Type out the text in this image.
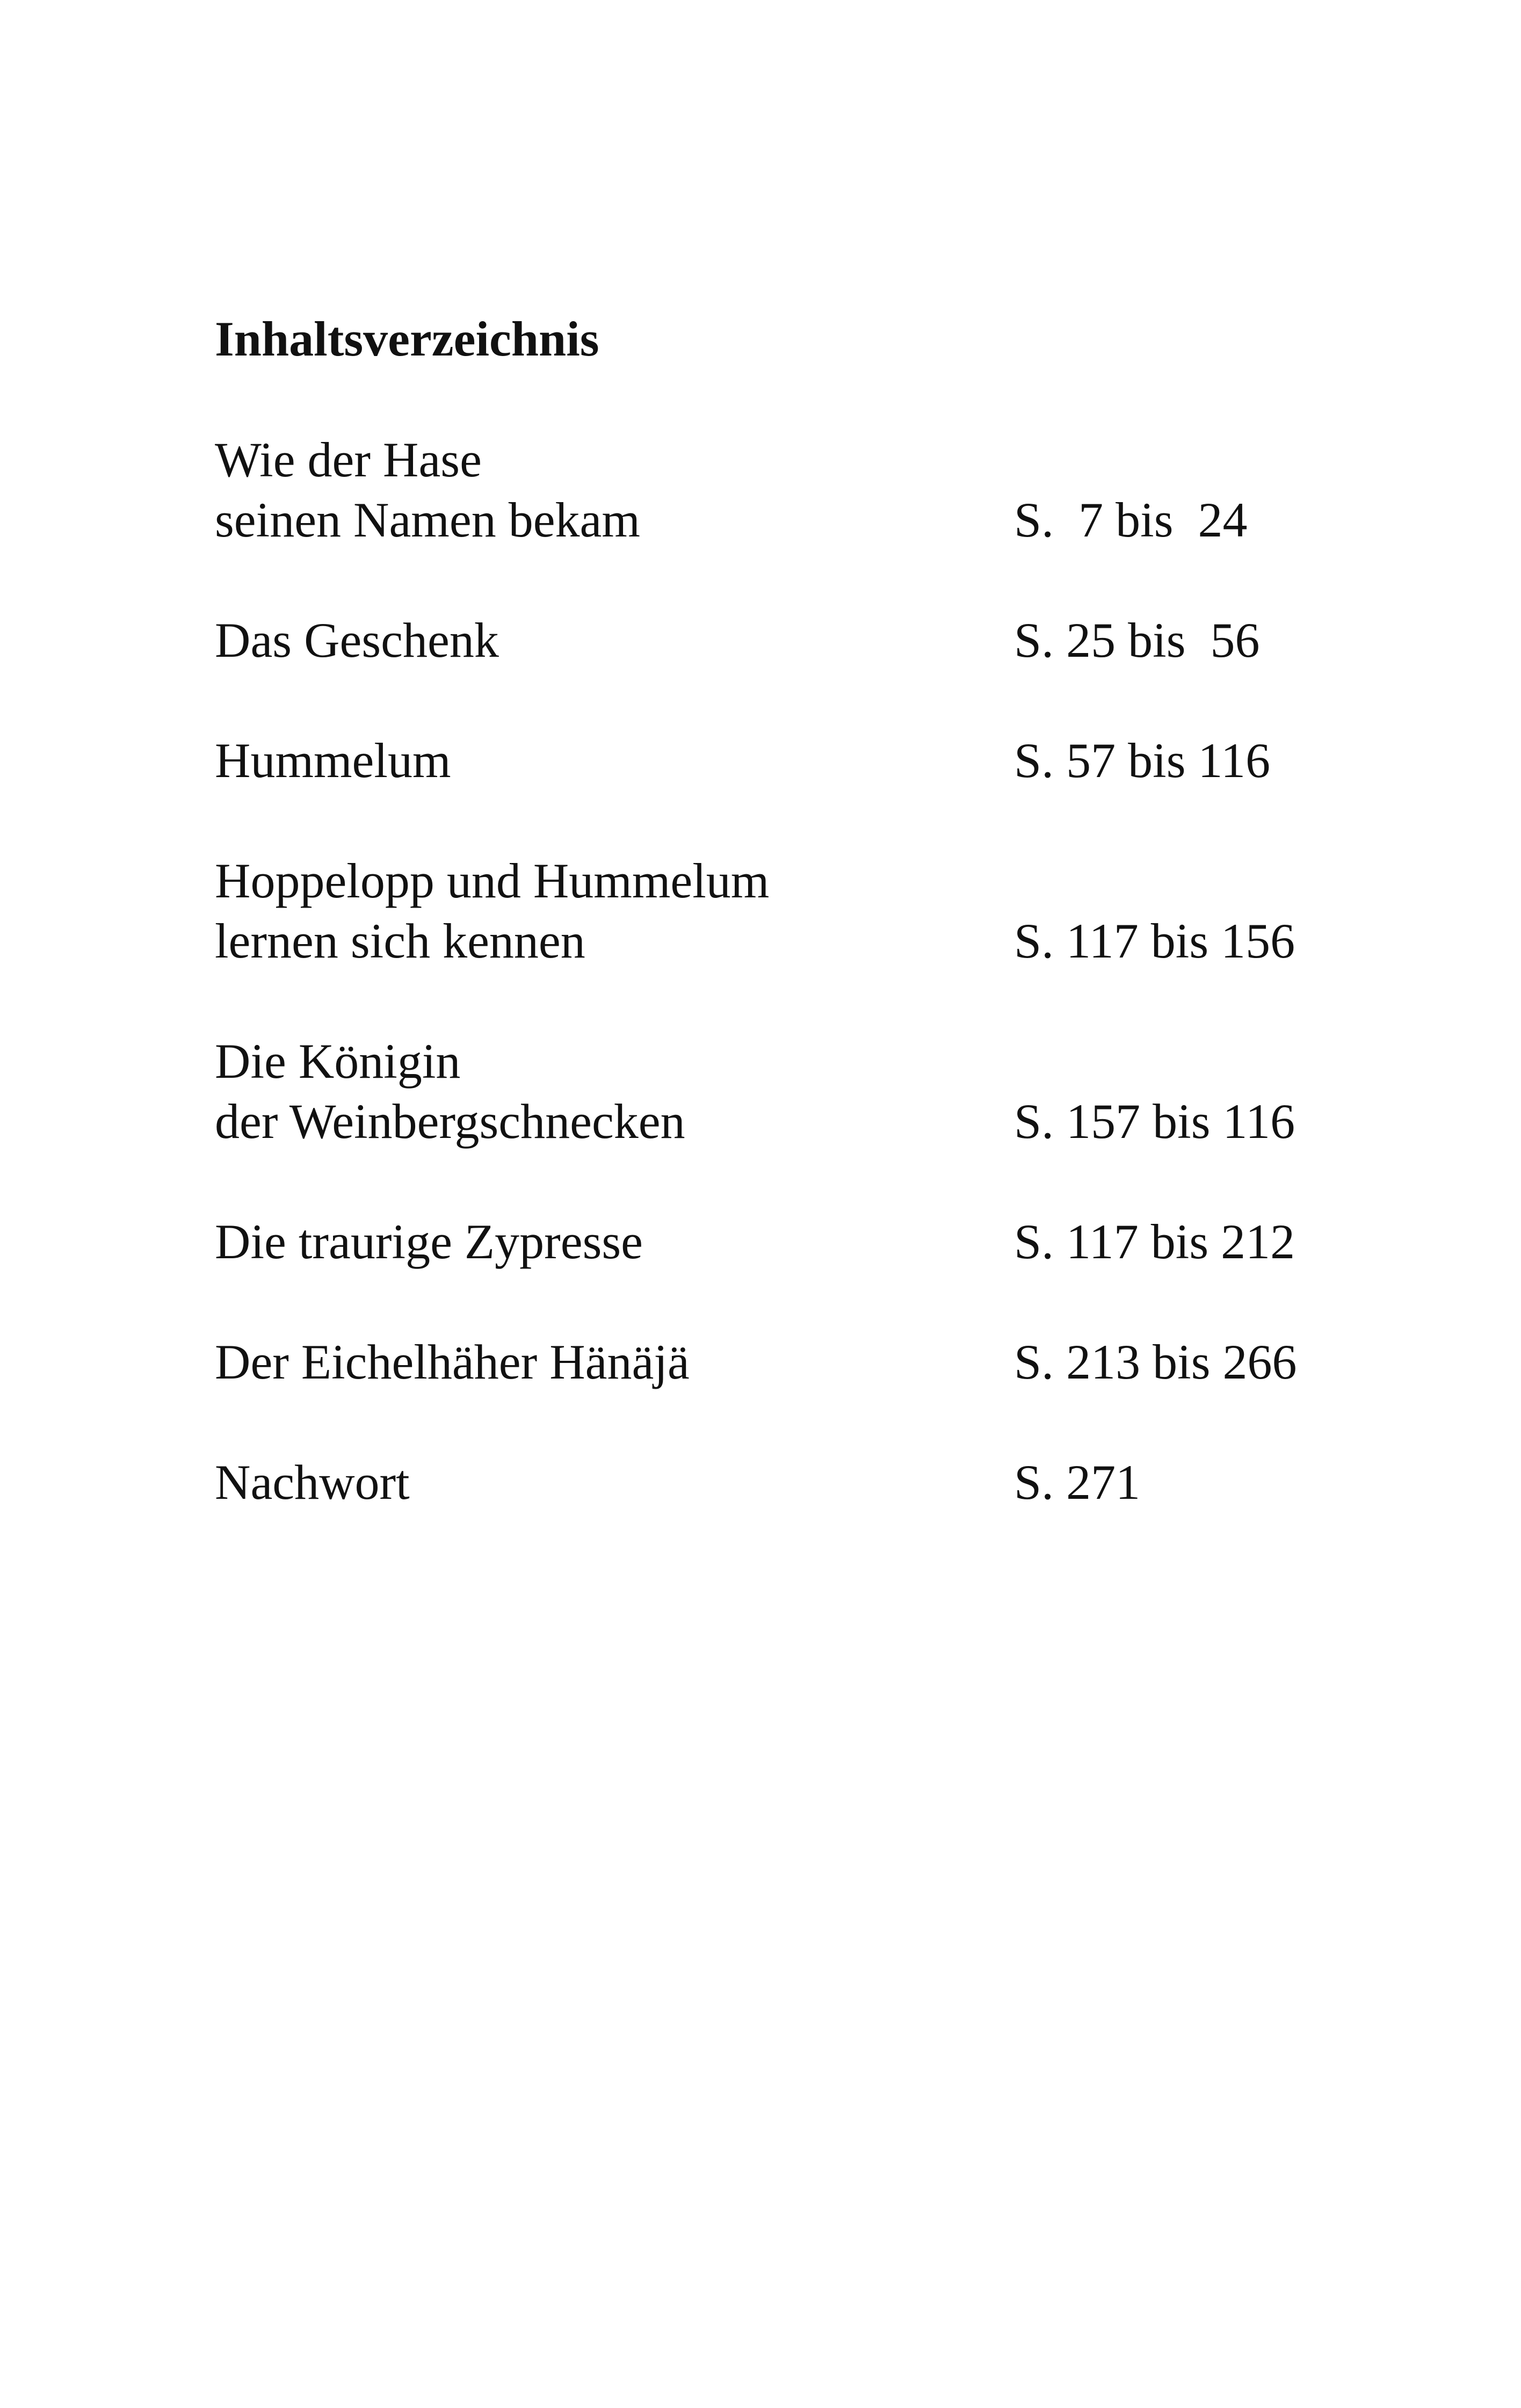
Inhaltsverzeichnis
Wie der Hase
seinen Namen bekam	S.  7 bis  24
Das Geschenk	S. 25 bis  56
Hummelum	S. 57 bis 116
Hoppelopp und Hummelum
lernen sich kennen	S. 117 bis 156
Die Königin
der Weinbergschnecken	S. 157 bis 116
Die traurige Zypresse	S. 117 bis 212
Der Eichelhäher Hänäjä	S. 213 bis 266
Nachwort	S. 271
